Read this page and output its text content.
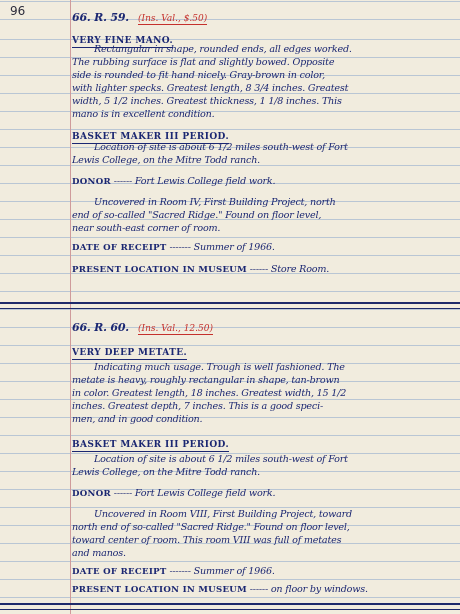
96	66. R. 59. (Ins. Val., $.50)
VERY FINE MANO.
Rectangular in shape, rounded ends, all edges worked.
The rubbing surface is flat and slightly bowed. Opposite
side is rounded to fit hand nicely. Gray-brown in color,
with lighter specks. Greatest length, 8 3/4 inches. Greatest
width, 5 1/2 inches. Greatest thickness, 1 1/8 inches. This
mano is in excellent condition.
BASKET MAKER III PERIOD.
Location of site is about 6 1/2 miles south-west of Fort
Lewis College, on the Mitre Todd ranch.
DONOR ------ Fort Lewis College field work.
Uncovered in Room IV, First Building Project, north
end of so-called "Sacred Ridge." Found on floor level,
near south-east corner of room.
DATE OF RECEIPT ------- Summer of 1966.
PRESENT LOCATION IN MUSEUM ------ Store Room.
66. R. 60. (Ins. Val., 12.50)
VERY DEEP METATE.
Indicating much usage. Trough is well fashioned. The
metate is heavy, roughly rectangular in shape, tan-brown
in color. Greatest length, 18 inches. Greatest width, 15 1/2
inches. Greatest depth, 7 inches. This is a good speci-
men, and in good condition.
BASKET MAKER III PERIOD.
Location of site is about 6 1/2 miles south-west of Fort
Lewis College, on the Mitre Todd ranch.
DONOR ------ Fort Lewis College field work.
Uncovered in Room VIII, First Building Project, toward
north end of so-called "Sacred Ridge." Found on floor level,
toward center of room. This room VIII was full of metates
and manos.
DATE OF RECEIPT ------- Summer of 1966.
PRESENT LOCATION IN MUSEUM ------ on floor by windows.
